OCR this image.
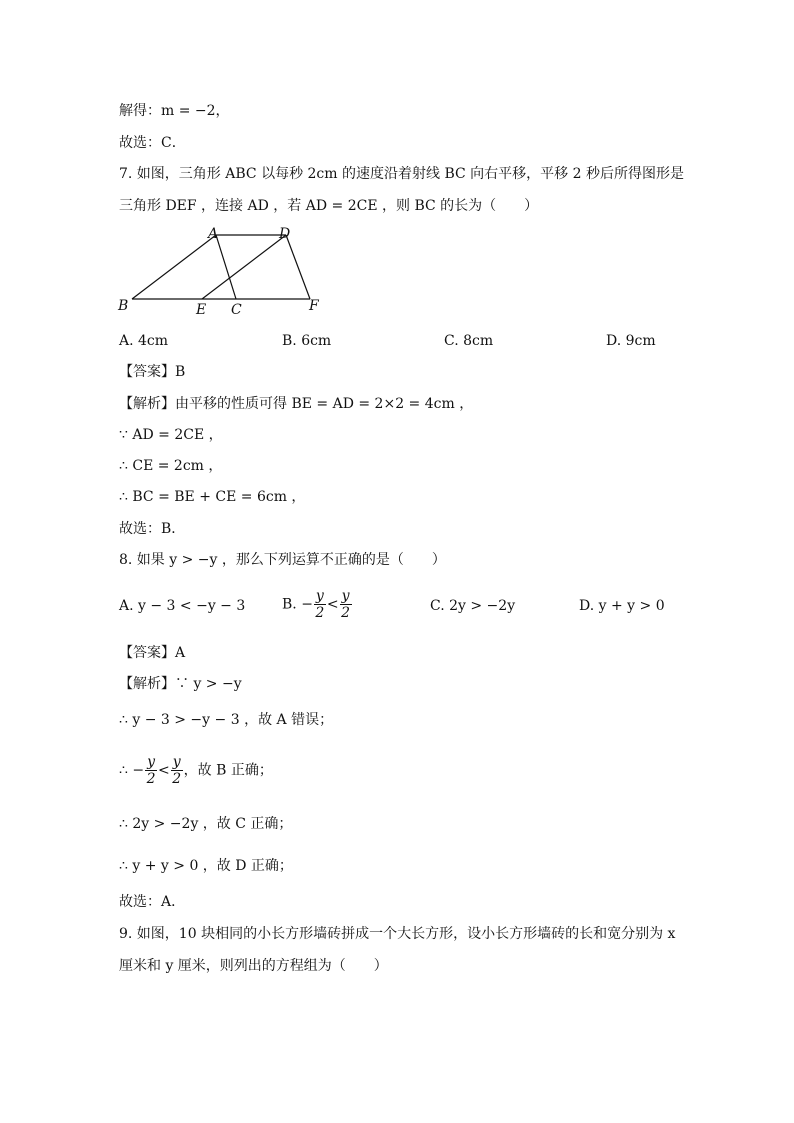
解得：m = −2，
故选：C．
7. 如图，三角形 ABC 以每秒 2cm 的速度沿着射线 BC 向右平移，平移 2 秒后所得图形是
三角形 DEF ，连接 AD ，若 AD = 2CE ，则 BC 的长为（　　）
A	D
B	E C	F
A. 4cm	B. 6cm	C. 8cm	D. 9cm
【答案】B
【解析】由平移的性质可得 BE = AD = 2×2 = 4cm ，
∵ AD = 2CE ，
∴ CE = 2cm ，
∴ BC = BE + CE = 6cm ，
故选：B．
8. 如果 y > −y ，那么下列运算不正确的是（　　）
A. y − 3 < −y − 3	B. − $\frac{y}{2} < \frac{y}{2}$	C. 2y > −2y	D. y + y > 0
【答案】A
【解析】∵ y > −y
∴ y − 3 > −y − 3 ，故 A 错误；
∴ − $\frac{y}{2} < \frac{y}{2}$ ，故 B 正确；
∴ 2y > −2y ，故 C 正确；
∴ y + y > 0 ，故 D 正确；
故选：A．
9. 如图，10 块相同的小长方形墙砖拼成一个大长方形，设小长方形墙砖的长和宽分别为 x
厘米和 y 厘米，则列出的方程组为（　　）
